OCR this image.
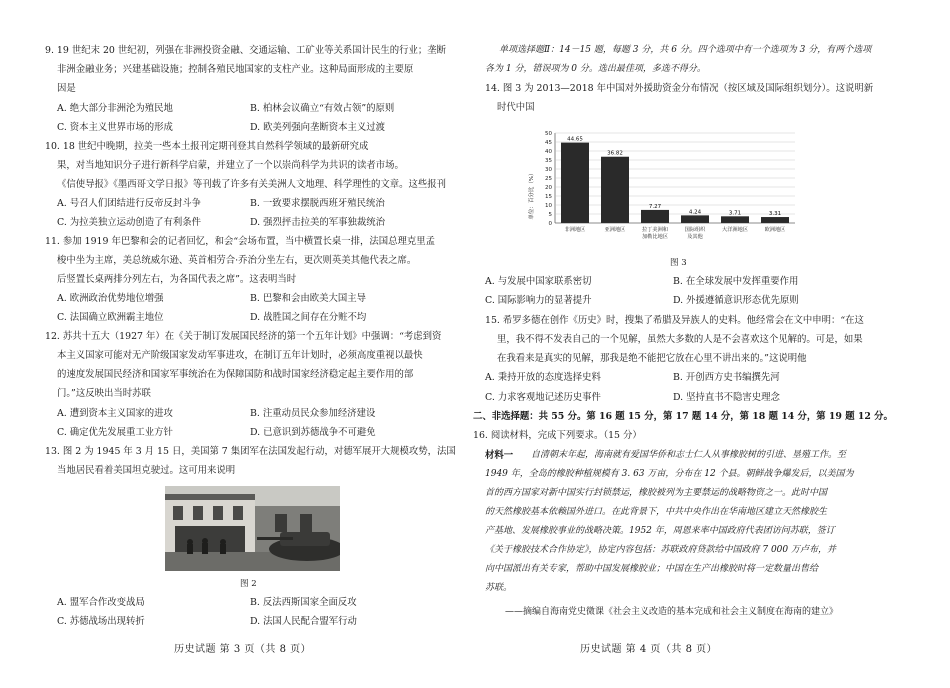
9. 19 世纪末 20 世纪初，列强在非洲投资金融、交通运输、工矿业等关系国计民生的行业；垄断
非洲金融业务；兴建基础设施；控制各殖民地国家的支柱产业。这种局面形成的主要原
因是
A. 绝大部分非洲沦为殖民地	B. 柏林会议确立“有效占领”的原则
C. 资本主义世界市场的形成	D. 欧美列强向垄断资本主义过渡
10. 18 世纪中晚期，拉美一些本土报刊定期刊登其自然科学领域的最新研究成
果，对当地知识分子进行新科学启蒙，并建立了一个以崇尚科学为共识的读者市场。
《信使导报》《墨西哥文学日报》等刊载了许多有关美洲人文地理、科学理性的文章。这些报刊
A. 号召人们团结进行反帝反封斗争	B. 一致要求摆脱西班牙殖民统治
C. 为拉美独立运动创造了有利条件	D. 强烈抨击拉美的军事独裁统治
11. 参加 1919 年巴黎和会的记者回忆，和会“会场布置，当中横置长桌一排，法国总理克里孟
梭中坐为主席，美总统威尔逊、英首相劳合·乔治分坐左右，更次则英美其他代表之席。
后竖置长桌两排分列左右，为各国代表之席”。这表明当时
A. 欧洲政治优势地位增强	B. 巴黎和会由欧美大国主导
C. 法国确立欧洲霸主地位	D. 战胜国之间存在分赃不均
12. 苏共十五大（1927 年）在《关于制订发展国民经济的第一个五年计划》中强调：“考虑到资
本主义国家可能对无产阶级国家发动军事进攻，在制订五年计划时，必须高度重视以最快
的速度发展国民经济和国家军事统治在为保障国防和战时国家经济稳定起主要作用的部
门。”这反映出当时苏联
A. 遭到资本主义国家的进攻	B. 注重动员民众参加经济建设
C. 确定优先发展重工业方针	D. 已意识到苏德战争不可避免
13. 图 2 为 1945 年 3 月 15 日，美国第 7 集团军在法国发起行动，对德军展开大规模攻势，法国
当地居民看着美国坦克驶过。这可用来说明
图 2
A. 盟军合作改变战局	B. 反法西斯国家全面反攻
C. 苏德战场出现转折	D. 法国人民配合盟军行动
历史试题 第 3 页（共 8 页）
单项选择题Ⅱ：14－15 题，每题 3 分，共 6 分。四个选项中有一个选项为 3 分，有两个选项
各为 1 分，错误项为 0 分。选出最佳项，多选不得分。
14. 图 3 为 2013—2018 年中国对外援助资金分布情况（按区域及国际组织划分）。这说明新
时代中国
单位：百分比（%）
0
5
10
15
20
25
30
35
40
45
50
44.65
36.82
7.27
4.24	3.71	3.31
非洲地区	亚洲地区	拉丁美洲和
加勒比地区
国际组织
及其他
大洋洲地区	欧洲地区
图 3
A. 与发展中国家联系密切	B. 在全球发展中发挥重要作用
C. 国际影响力的显著提升	D. 外援遵循意识形态优先原则
15. 希罗多德在创作《历史》时，搜集了希腊及异族人的史料。他经常会在文中申明：“在这
里，我不得不发表自己的一个见解，虽然大多数的人是不会喜欢这个见解的。可是，如果
在我看来是真实的见解，那我是绝不能把它放在心里不讲出来的。”这说明他
A. 秉持开放的态度选择史料	B. 开创西方史书编撰先河
C. 力求客观地记述历史事件	D. 坚持直书不隐害史理念
二、非选择题：共 55 分。第 16 题 15 分，第 17 题 14 分，第 18 题 14 分，第 19 题 12 分。
16. 阅读材料，完成下列要求。（15 分）
材料一 自清朝末年起，海南就有爱国华侨和志士仁人从事橡胶树的引进、垦殖工作。至
1949 年，全岛的橡胶种植规模有 3. 63 万亩，分布在 12 个县。朝鲜战争爆发后，以美国为
首的西方国家对新中国实行封锁禁运，橡胶被列为主要禁运的战略物资之一。此时中国
的天然橡胶基本依赖国外进口。在此背景下，中共中央作出在华南地区建立天然橡胶生
产基地、发展橡胶事业的战略决策。1952 年，周恩来率中国政府代表团访问苏联，签订
《关于橡胶技术合作协定》，协定内容包括：苏联政府贷款给中国政府 7 000 万卢布，并
向中国派出有关专家，帮助中国发展橡胶业；中国在生产出橡胶时将一定数量出售给
苏联。
——摘编自海南党史微课《社会主义改造的基本完成和社会主义制度在海南的建立》
历史试题 第 4 页（共 8 页）
